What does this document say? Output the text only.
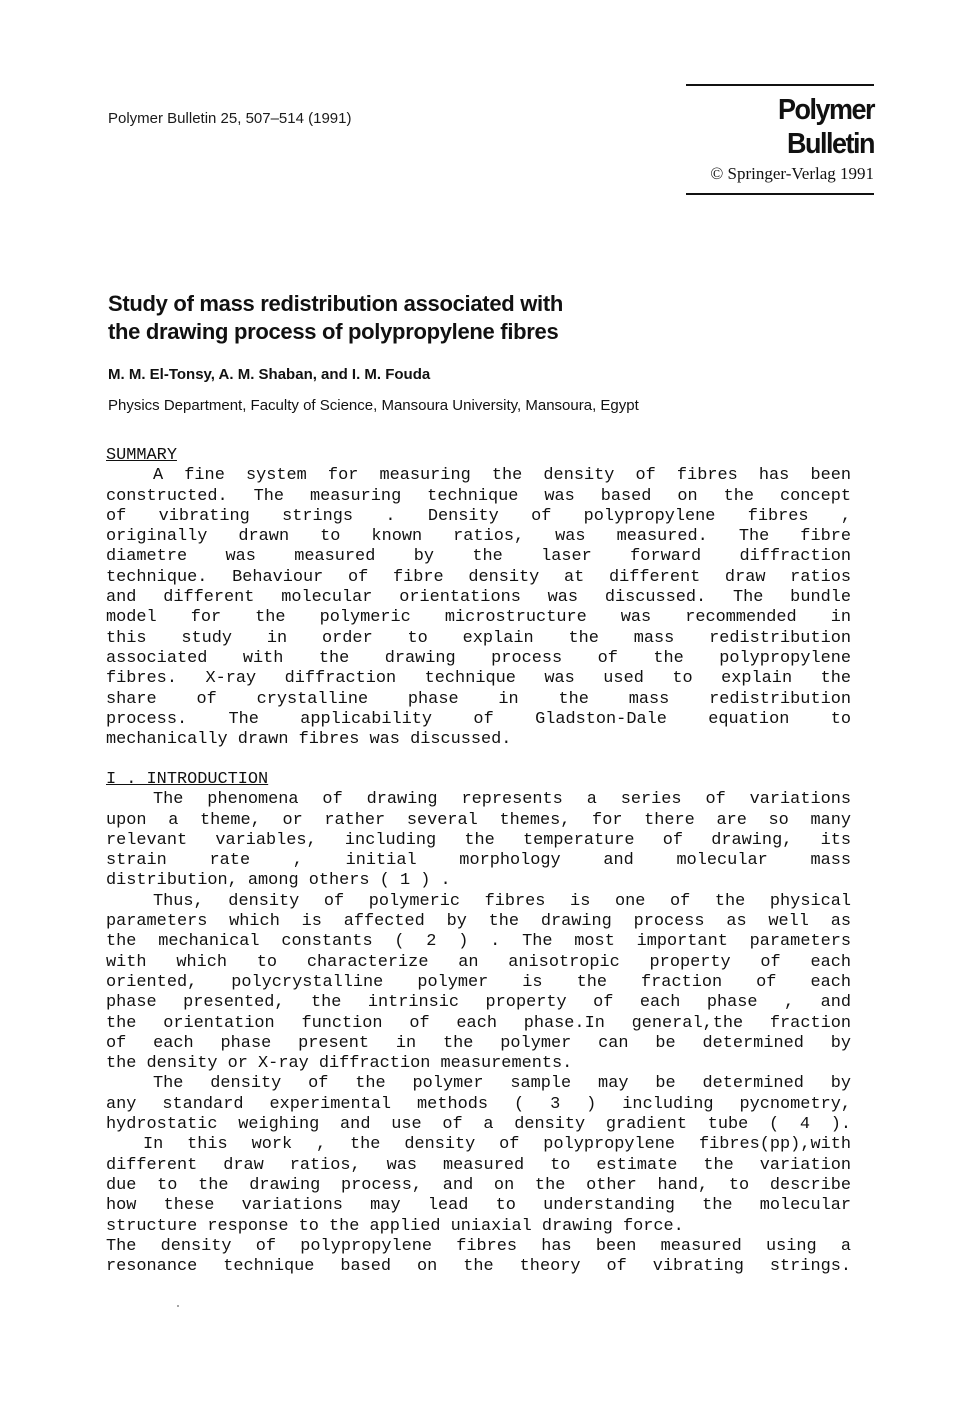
Polymer Bulletin 25, 507–514 (1991)	Polymer Bulletin
© Springer-Verlag 1991
Study of mass redistribution associated with
the drawing process of polypropylene fibres
M. M. El-Tonsy, A. M. Shaban, and I. M. Fouda
Physics Department, Faculty of Science, Mansoura University, Mansoura, Egypt
SUMMARY
A fine system for measuring the density of fibres has been
constructed. The measuring technique was based on the concept
of vibrating strings . Density of polypropylene fibres ,
originally drawn to known ratios, was measured. The fibre
diametre was measured by the laser forward diffraction
technique. Behaviour of fibre density at different draw ratios
and different molecular orientations was discussed. The bundle
model for the polymeric microstructure was recommended in
this study in order to explain the mass redistribution
associated with the drawing process of the polypropylene
fibres. X-ray diffraction technique was used to explain the
share of crystalline phase in the mass redistribution
process. The applicability of Gladston-Dale equation to
mechanically drawn fibres was discussed.
I . INTRODUCTION
The phenomena of drawing represents a series of variations
upon a theme, or rather several themes, for there are so many
relevant variables, including the temperature of drawing, its
strain rate , initial morphology and molecular mass
distribution, among others ( 1 ) .
Thus, density of polymeric fibres is one of the physical
parameters which is affected by the drawing process as well as
the mechanical constants ( 2 ) . The most important parameters
with which to characterize an anisotropic property of each
oriented, polycrystalline polymer is the fraction of each
phase presented, the intrinsic property of each phase , and
the orientation function of each phase.In general,the fraction
of each phase present in the polymer can be determined by
the density or X-ray diffraction measurements.
The density of the polymer sample may be determined by
any standard experimental methods ( 3 ) including pycnometry,
hydrostatic weighing and use of a density gradient tube ( 4 ).
In this work , the density of polypropylene fibres(pp),with
different draw ratios, was measured to estimate the variation
due to the drawing process, and on the other hand, to describe
how these variations may lead to understanding the molecular
structure response to the applied uniaxial drawing force.
The density of polypropylene fibres has been measured using a
resonance technique based on the theory of vibrating strings.
